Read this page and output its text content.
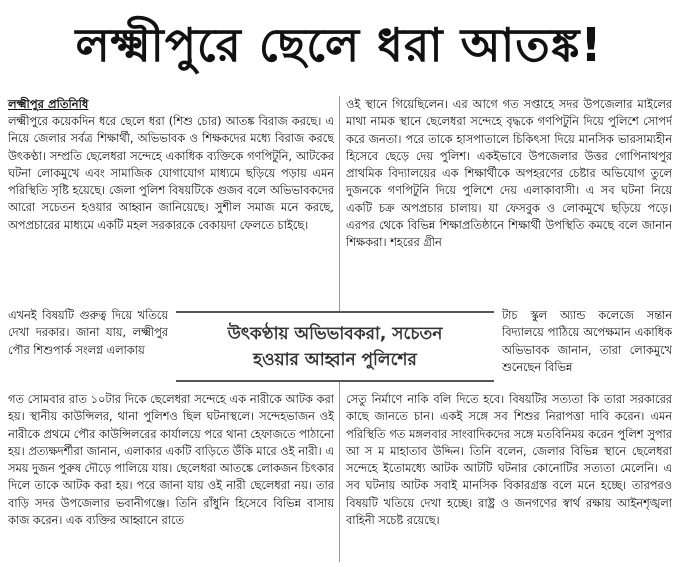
লক্ষ্মীপুরে ছেলে ধরা আতঙ্ক!
লক্ষ্মীপুর প্রতিনিধি

লক্ষ্মীপুরে কয়েকদিন ধরে ছেলে ধরা (শিশু চোর) আতঙ্ক বিরাজ করছে। এ নিয়ে জেলার সর্বত্র শিক্ষার্থী, অভিভাবক ও শিক্ষকদের মধ্যে বিরাজ করছে উৎকণ্ঠা। সম্প্রতি ছেলেধরা সন্দেহে একাধিক ব্যক্তিকে গণপিটুনি, আটকের ঘটনা লোকমুখে এবং সামাজিক যোগাযোগ মাধ্যমে ছড়িয়ে পড়ায় এমন পরিস্থিতি সৃষ্টি হয়েছে। জেলা পুলিশ বিষয়টিকে গুজব বলে অভিভাবকদের আরো সচেতন হওয়ার আহ্বান জানিয়েছে। সুশীল সমাজ মনে করছে, অপপ্রচারের মাধ্যমে একটি মহল সরকারকে বেকায়দা ফেলতে চাইছে।

এখনই বিষয়টি গুরুত্ব দিয়ে খতিয়ে দেখা দরকার। জানা যায়, লক্ষ্মীপুর পৌর শিশুপার্ক সংলগ্ন এলাকায়

গত সোমবার রাত ১০টার দিকে ছেলেধরা সন্দেহে এক নারীকে আটক করা হয়। স্থানীয় কাউন্সিলর, থানা পুলিশও ছিল ঘটনাস্থলে। সন্দেহভাজন ওই নারীকে প্রথমে পৌর কাউন্সিলরের কার্যালয়ে পরে থানা হেফাজতে পাঠানো হয়। প্রত্যক্ষদর্শীরা জানান, এলাকার একটি বাড়িতে উঁকি মারে ওই নারী। এ সময় দুজন পুরুষ দৌড়ে পালিয়ে যায়। ছেলেধরা আতঙ্কে লোকজন চিৎকার দিলে তাকে আটক করা হয়। পরে জানা যায় ওই নারী ছেলেধরা নয়। তার বাড়ি সদর উপজেলার ভবানীগঞ্জে। তিনি রাঁধুনি হিসেবে বিভিন্ন বাসায় কাজ করেন। এক ব্যক্তির আহ্বানে রাতে

ওই স্থানে গিয়েছিলেন। এর আগে গত সপ্তাহে সদর উপজেলার মাইলের মাথা নামক স্থানে ছেলেধরা সন্দেহে বৃদ্ধকে গণপিটুনি দিয়ে পুলিশে সোপর্দ করে জনতা। পরে তাকে হাসপাতালে চিকিৎসা দিয়ে মানসিক ভারসাম্যহীন হিসেবে ছেড়ে দেয় পুলিশ। একইভাবে উপজেলার উত্তর গোপিনাথপুর প্রাথমিক বিদ্যালয়ের এক শিক্ষার্থীকে অপহরণের চেষ্টার অভিযোগ তুলে দুজনকে গণপিটুনি দিয়ে পুলিশে দেয় এলাকাবাসী। এ সব ঘটনা নিয়ে একটি চক্র অপপ্রচার চালায়। যা ফেসবুক ও লোকমুখে ছড়িয়ে পড়ে। এরপর থেকে বিভিন্ন শিক্ষাপ্রতিষ্ঠানে শিক্ষার্থী উপস্থিতি কমছে বলে জানান শিক্ষকরা। শহরের গ্রীন

টাচ স্কুল অ্যান্ড কলেজে সন্তান বিদ্যালয়ে পাঠিয়ে অপেক্ষমান একাধিক অভিভাবক জানান, তারা লোকমুখে শুনেছেন বিভিন্ন

সেতু নির্মাণে নাকি বলি দিতে হবে। বিষয়টির সত্যতা কি তারা সরকারের কাছে জানতে চান। একই সঙ্গে সব শিশুর নিরাপত্তা দাবি করেন। এমন পরিস্থিতি গত মঙ্গলবার সাংবাদিকদের সঙ্গে মতবিনিময় করেন পুলিশ সুপার আ স ম মাহাতাব উদ্দিন। তিনি বলেন, জেলার বিভিন্ন স্থানে ছেলেধরা সন্দেহে ইতোমধ্যে আটক আটটি ঘটনার কোনোটির সত্যতা মেলেনি। এ সব ঘটনায় আটক সবাই মানসিক বিকারগ্রস্ত বলে মনে হচ্ছে। তারপরও বিষয়টি খতিয়ে দেখা হচ্ছে। রাষ্ট্র ও জনগণের স্বার্থ রক্ষায় আইনশৃঙ্খলা বাহিনী সচেষ্ট রয়েছে।

উৎকণ্ঠায় অভিভাবকরা, সচেতন
হওয়ার আহ্বান পুলিশের
